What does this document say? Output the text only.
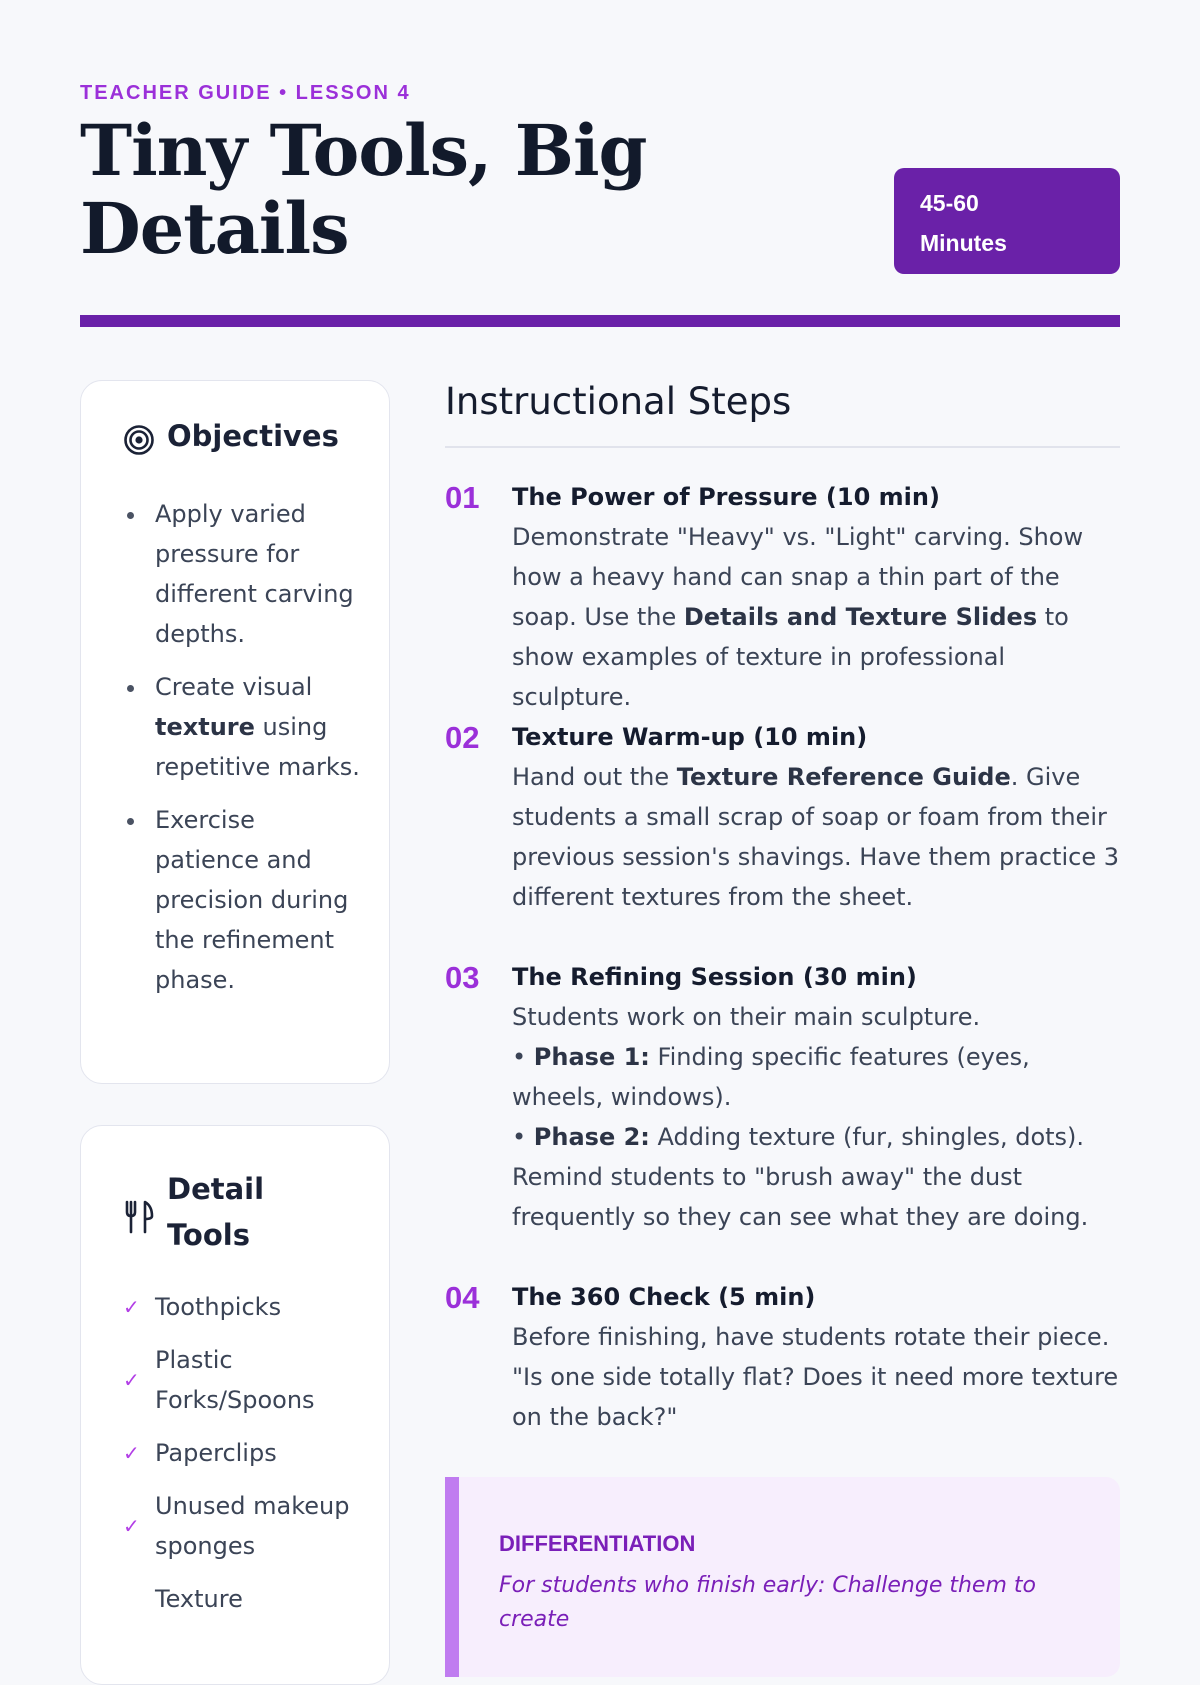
TEACHER GUIDE • LESSON 4
Tiny Tools, Big Details	45-60
Minutes
Objectives
Apply varied pressure for different carving depths.
Create visual texture using repetitive marks.
Exercise patience and precision during the refinement phase.
Detail
Tools
✓ Toothpicks
✓
Plastic Forks/Spoons
✓ Paperclips
✓
Unused makeup sponges
Texture
Instructional Steps
01 The Power of Pressure (10 min)
Demonstrate "Heavy" vs. "Light" carving. Show how a heavy hand can snap a thin part of the soap. Use the Details and Texture Slides to show examples of texture in professional sculpture.
02 Texture Warm-up (10 min)
Hand out the Texture Reference Guide. Give students a small scrap of soap or foam from their previous session's shavings. Have them practice 3 different textures from the sheet.
03 The Refining Session (30 min)
Students work on their main sculpture.
• Phase 1: Finding specific features (eyes, wheels, windows).
• Phase 2: Adding texture (fur, shingles, dots).
Remind students to "brush away" the dust frequently so they can see what they are doing.
04 The 360 Check (5 min)
Before finishing, have students rotate their piece. "Is one side totally flat? Does it need more texture on the back?"
DIFFERENTIATION
For students who finish early: Challenge them to create
